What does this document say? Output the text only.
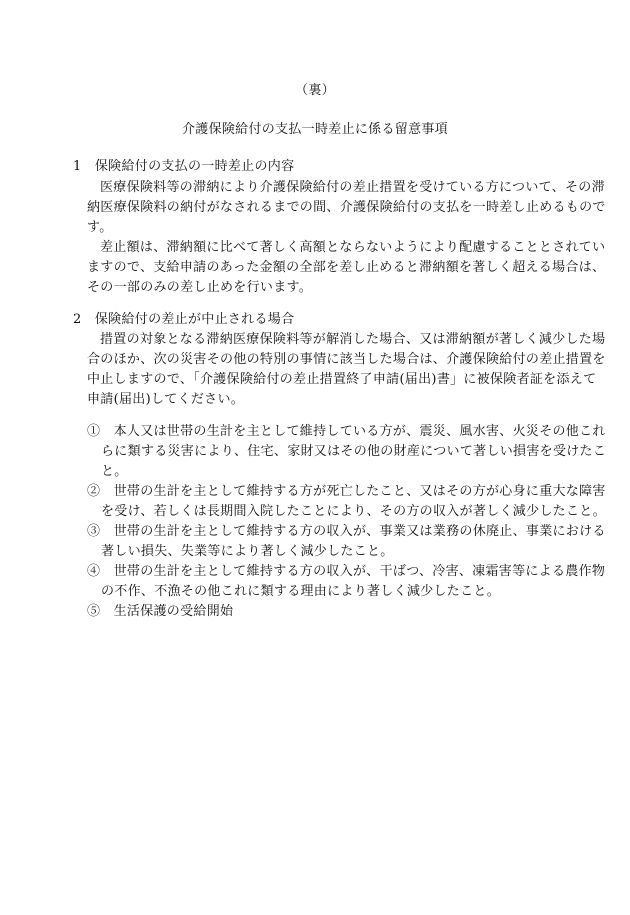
（裏）
介護保険給付の支払一時差止に係る留意事項
1　保険給付の支払の一時差止の内容
医療保険料等の滞納により介護保険給付の差止措置を受けている方について、その滞
納医療保険料の納付がなされるまでの間、介護保険給付の支払を一時差し止めるもので
す。
差止額は、滞納額に比べて著しく高額とならないようにより配慮することとされてい
ますので、支給申請のあった金額の全部を差し止めると滞納額を著しく超える場合は、
その一部のみの差し止めを行います。
2　保険給付の差止が中止される場合
措置の対象となる滞納医療保険料等が解消した場合、又は滞納額が著しく減少した場
合のほか、次の災害その他の特別の事情に該当した場合は、介護保険給付の差止措置を
中止しますので、「介護保険給付の差止措置終了申請(届出)書」に被保険者証を添えて
申請(届出)してください。
①　本人又は世帯の生計を主として維持している方が、震災、風水害、火災その他これ
らに類する災害により、住宅、家財又はその他の財産について著しい損害を受けたこ
と。
②　世帯の生計を主として維持する方が死亡したこと、又はその方が心身に重大な障害
を受け、若しくは長期間入院したことにより、その方の収入が著しく減少したこと。
③　世帯の生計を主として維持する方の収入が、事業又は業務の休廃止、事業における
著しい損失、失業等により著しく減少したこと。
④　世帯の生計を主として維持する方の収入が、干ばつ、冷害、凍霜害等による農作物
の不作、不漁その他これに類する理由により著しく減少したこと。
⑤　生活保護の受給開始
